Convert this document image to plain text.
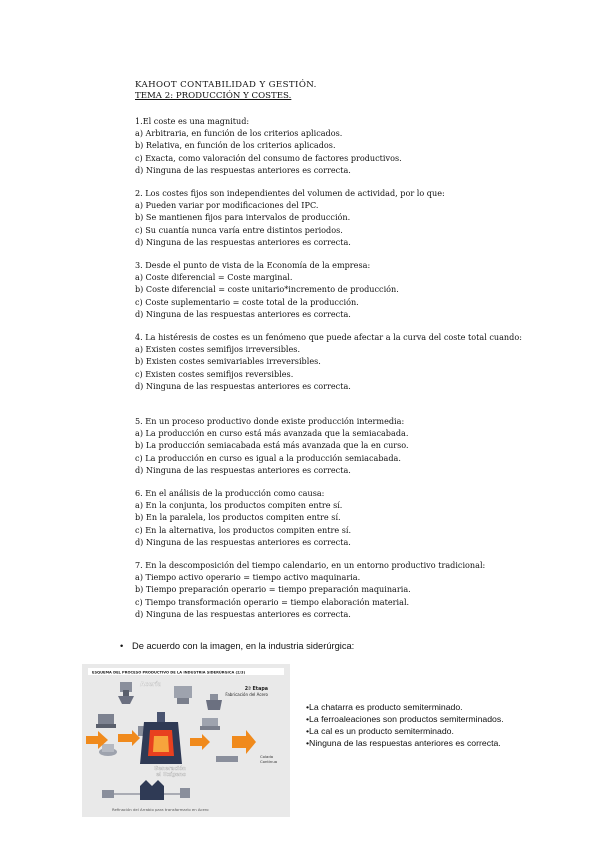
KAHOOT CONTABILIDAD Y GESTIÓN.
TEMA 2: PRODUCCIÓN Y COSTES.
1.El coste es una magnitud:
a) Arbitraria, en función de los criterios aplicados.
b) Relativa, en función de los criterios aplicados.
c) Exacta, como valoración del consumo de factores productivos.
d) Ninguna de las respuestas anteriores es correcta.
2. Los costes fijos son independientes del volumen de actividad, por lo que:
a) Pueden variar por modificaciones del IPC.
b) Se mantienen fijos para intervalos de producción.
c) Su cuantía nunca varía entre distintos periodos.
d) Ninguna de las respuestas anteriores es correcta.
3. Desde el punto de vista de la Economía de la empresa:
a) Coste diferencial = Coste marginal.
b) Coste diferencial = coste unitario*incremento de producción.
c) Coste suplementario = coste total de la producción.
d) Ninguna de las respuestas anteriores es correcta.
4. La histéresis de costes es un fenómeno que puede afectar a la curva del coste total cuando:
a) Existen costes semifijos irreversibles.
b) Existen costes semivariables irreversibles.
c) Existen costes semifijos reversibles.
d) Ninguna de las respuestas anteriores es correcta.
5. En un proceso productivo donde existe producción intermedia:
a) La producción en curso está más avanzada que la semiacabada.
b) La producción semiacabada está más avanzada que la en curso.
c) La producción en curso es igual a la producción semiacabada.
d) Ninguna de las respuestas anteriores es correcta.
6. En el análisis de la producción como causa:
a) En la conjunta, los productos compiten entre sí.
b) En la paralela, los productos compiten entre sí.
c) En la alternativa, los productos compiten entre sí.
d) Ninguna de las respuestas anteriores es correcta.
7. En la descomposición del tiempo calendario, en un entorno productivo tradicional:
a) Tiempo activo operario = tiempo activo maquinaria.
b) Tiempo preparación operario = tiempo preparación maquinaria.
c) Tiempo transformación operario = tiempo elaboración material.
d) Ninguna de las respuestas anteriores es correcta.
• De acuerdo con la imagen, en la industria siderúrgica:
ESQUEMA DEL PROCESO PRODUCTIVO DE LA INDUSTRIA SIDERÚRGICA (2/3)
2ª Etapa
Fabricación del Acero
Acería
Generación
el Oxígeno
Colada
Continua
Refinación del Arrabio para transformarlo en Acero
•La chatarra es producto semiterminado.
•La ferroaleaciones son productos semiterminados.
•La cal es un producto semiterminado.
•Ninguna de las respuestas anteriores es correcta.
